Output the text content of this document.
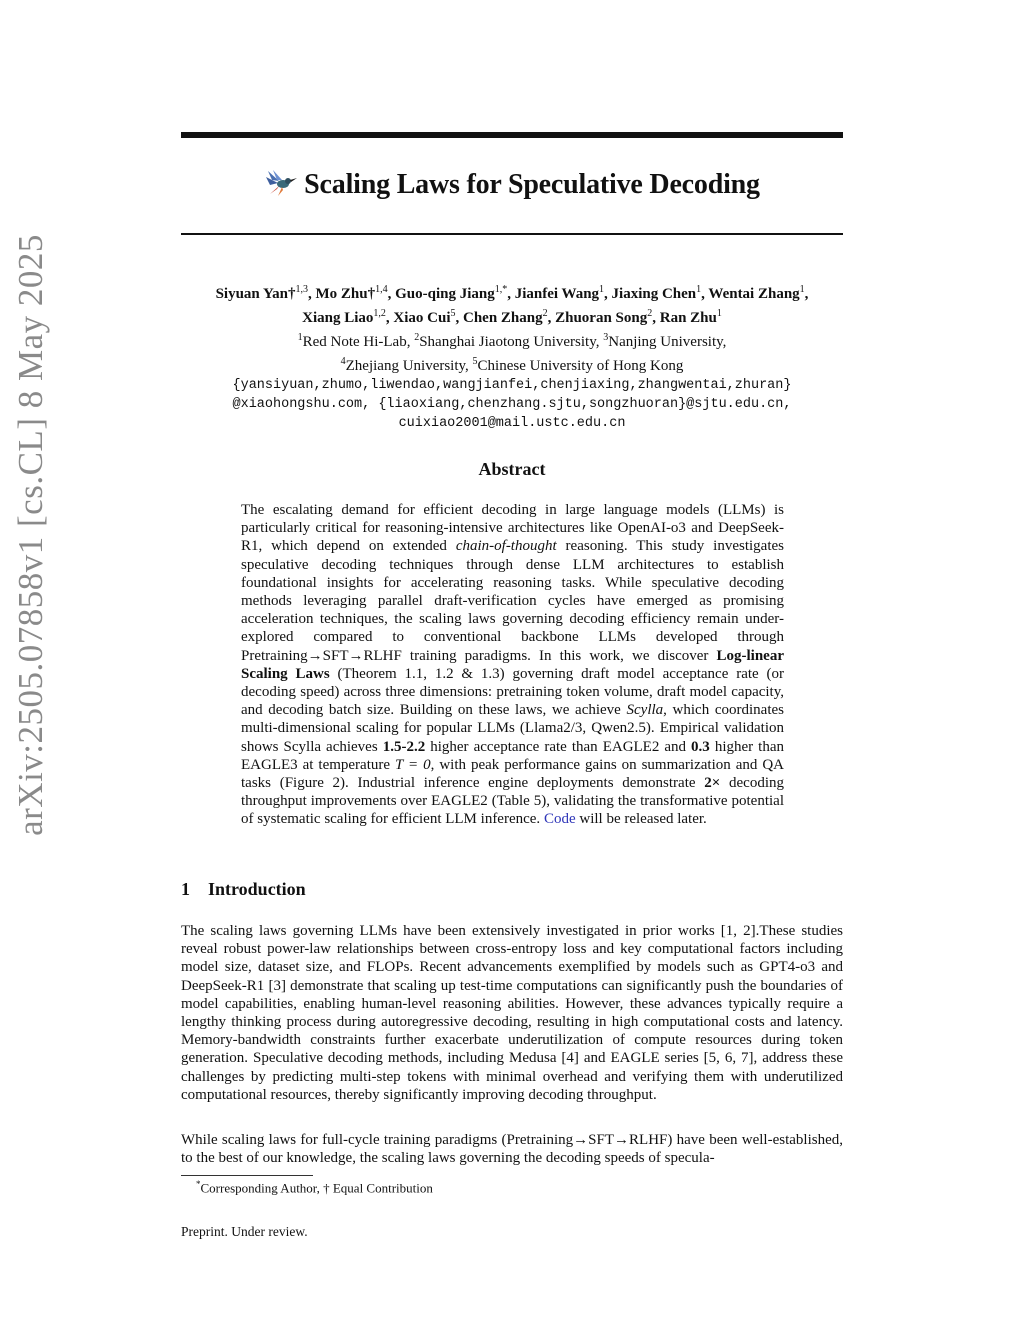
arXiv:2505.07858v1 [cs.CL] 8 May 2025
Scaling Laws for Speculative Decoding
Siyuan Yan†$^{1,3}$, Mo Zhu†$^{1,4}$, Guo-qing Jiang$^{1,*}$, Jianfei Wang$^1$, Jiaxing Chen$^1$, Wentai Zhang$^1$,
Xiang Liao$^{1,2}$, Xiao Cui$^5$, Chen Zhang$^2$, Zhuoran Song$^2$, Ran Zhu$^1$
$^1$Red Note Hi-Lab, $^2$Shanghai Jiaotong University, $^3$Nanjing University,
$^4$Zhejiang University, $^5$Chinese University of Hong Kong
{yansiyuan,zhumo,liwendao,wangjianfei,chenjiaxing,zhangwentai,zhuran}
@xiaohongshu.com, {liaoxiang,chenzhang.sjtu,songzhuoran}@sjtu.edu.cn,
cuixiao2001@mail.ustc.edu.cn
Abstract
The escalating demand for efficient decoding in large language models (LLMs) is particularly critical for reasoning-intensive architectures like OpenAI-o3 and DeepSeek-R1, which depend on extended chain-of-thought reasoning. This study investigates speculative decoding techniques through dense LLM architectures to establish foundational insights for accelerating reasoning tasks. While speculative decoding methods leveraging parallel draft-verification cycles have emerged as promising acceleration techniques, the scaling laws governing decoding efficiency remain under-explored compared to conventional backbone LLMs developed through Pretraining→SFT→RLHF training paradigms. In this work, we discover Log-linear Scaling Laws (Theorem 1.1, 1.2 & 1.3) governing draft model acceptance rate (or decoding speed) across three dimensions: pretraining token volume, draft model capacity, and decoding batch size. Building on these laws, we achieve Scylla, which coordinates multi-dimensional scaling for popular LLMs (Llama2/3, Qwen2.5). Empirical validation shows Scylla achieves 1.5-2.2 higher acceptance rate than EAGLE2 and 0.3 higher than EAGLE3 at temperature T = 0, with peak performance gains on summarization and QA tasks (Figure 2). Industrial inference engine deployments demonstrate 2× decoding throughput improvements over EAGLE2 (Table 5), validating the transformative potential of systematic scaling for efficient LLM inference. Code will be released later.
1 Introduction
The scaling laws governing LLMs have been extensively investigated in prior works [1, 2].These studies reveal robust power-law relationships between cross-entropy loss and key computational factors including model size, dataset size, and FLOPs. Recent advancements exemplified by models such as GPT4-o3 and DeepSeek-R1 [3] demonstrate that scaling up test-time computations can significantly push the boundaries of model capabilities, enabling human-level reasoning abilities. However, these advances typically require a lengthy thinking process during autoregressive decoding, resulting in high computational costs and latency. Memory-bandwidth constraints further exacerbate underutilization of compute resources during token generation. Speculative decoding methods, including Medusa [4] and EAGLE series [5, 6, 7], address these challenges by predicting multi-step tokens with minimal overhead and verifying them with underutilized computational resources, thereby significantly improving decoding throughput.
While scaling laws for full-cycle training paradigms (Pretraining→SFT→RLHF) have been well-established, to the best of our knowledge, the scaling laws governing the decoding speeds of specula-
*Corresponding Author, † Equal Contribution
Preprint. Under review.
